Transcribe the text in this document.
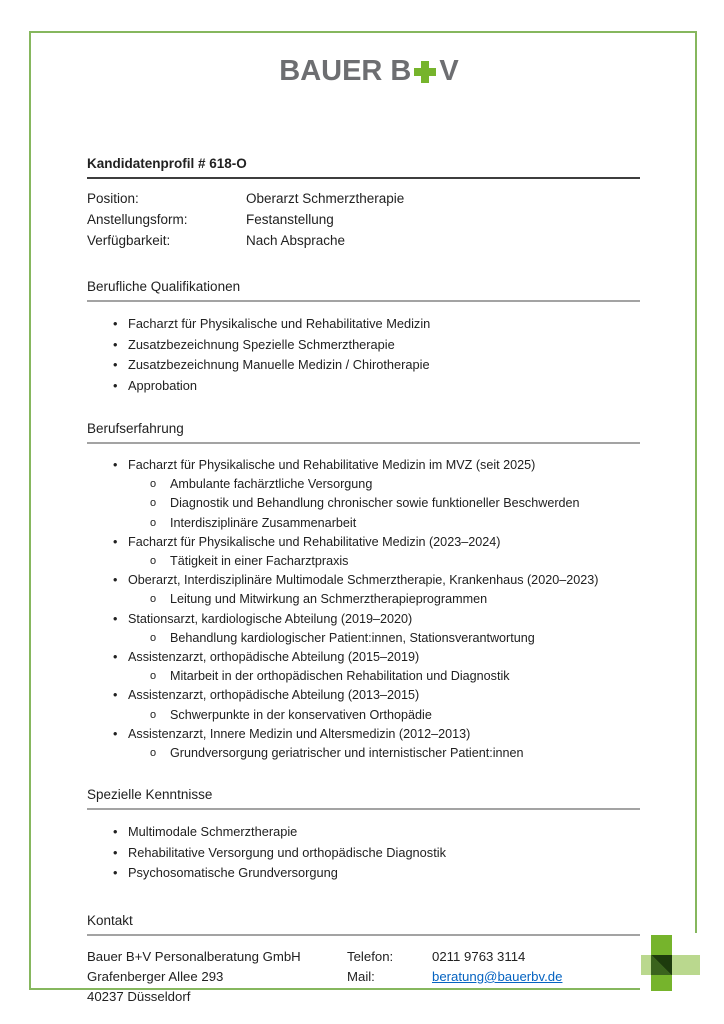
BAUER B V
Kandidatenprofil # 618-O
Position:	Oberarzt Schmerztherapie
Anstellungsform:	Festanstellung
Verfügbarkeit:	Nach Absprache
Berufliche Qualifikationen
• Facharzt für Physikalische und Rehabilitative Medizin
• Zusatzbezeichnung Spezielle Schmerztherapie
• Zusatzbezeichnung Manuelle Medizin / Chirotherapie
• Approbation
Berufserfahrung
• Facharzt für Physikalische und Rehabilitative Medizin im MVZ (seit 2025)
o Ambulante fachärztliche Versorgung
o Diagnostik und Behandlung chronischer sowie funktioneller Beschwerden
o Interdisziplinäre Zusammenarbeit
• Facharzt für Physikalische und Rehabilitative Medizin (2023–2024)
o Tätigkeit in einer Facharztpraxis
• Oberarzt, Interdisziplinäre Multimodale Schmerztherapie, Krankenhaus (2020–2023)
o Leitung und Mitwirkung an Schmerztherapieprogrammen
• Stationsarzt, kardiologische Abteilung (2019–2020)
o Behandlung kardiologischer Patient:innen, Stationsverantwortung
• Assistenzarzt, orthopädische Abteilung (2015–2019)
o Mitarbeit in der orthopädischen Rehabilitation und Diagnostik
• Assistenzarzt, orthopädische Abteilung (2013–2015)
o Schwerpunkte in der konservativen Orthopädie
• Assistenzarzt, Innere Medizin und Altersmedizin (2012–2013)
o Grundversorgung geriatrischer und internistischer Patient:innen
Spezielle Kenntnisse
• Multimodale Schmerztherapie
• Rehabilitative Versorgung und orthopädische Diagnostik
• Psychosomatische Grundversorgung
Kontakt
Bauer B+V Personalberatung GmbH	Telefon:	0211 9763 3114
Grafenberger Allee 293	Mail:	beratung@bauerbv.de
40237 Düsseldorf
